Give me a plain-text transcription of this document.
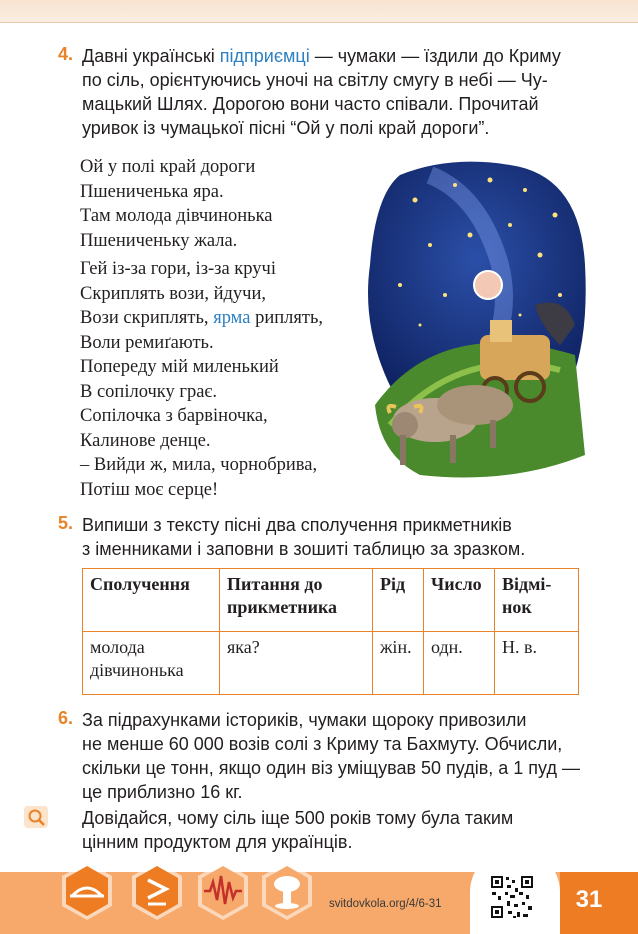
4. Давні українські підприємці — чумаки — їздили до Криму
по сіль, орієнтуючись уночі на світлу смугу в небі — Чу-
мацький Шлях. Дорогою вони часто співали. Прочитай
уривок із чумацької пісні “Ой у полі край дороги”.
Ой у полі край дороги
Пшениченька яра.
Там молода дівчинонька
Пшениченьку жала.
Гей із-за гори, із-за кручі
Скриплять вози, йдучи,
Вози скриплять, ярма риплять,
Воли ремиґають.
Попереду мій миленький
В сопілочку грає.
Сопілочка з барвіночка,
Калинове денце.
– Вийди ж, мила, чорнобрива,
Потіш моє серце!
5. Випиши з тексту пісні два сполучення прикметників
з іменниками і заповни в зошиті таблицю за зразком.
Сполучення	Питання до прикметника	Рід	Число	Відмі-нок
молода дівчинонька	яка?	жін.	одн.	Н. в.
6. За підрахунками істориків, чумаки щороку привозили
не менше 60 000 возів солі з Криму та Бахмуту. Обчисли,
скільки це тонн, якщо один віз уміщував 50 пудів, а 1 пуд —
це приблизно 16 кг.
Довідайся, чому сіль іще 500 років тому була таким
цінним продуктом для українців.
svitdovkola.org/4/6-31	31
